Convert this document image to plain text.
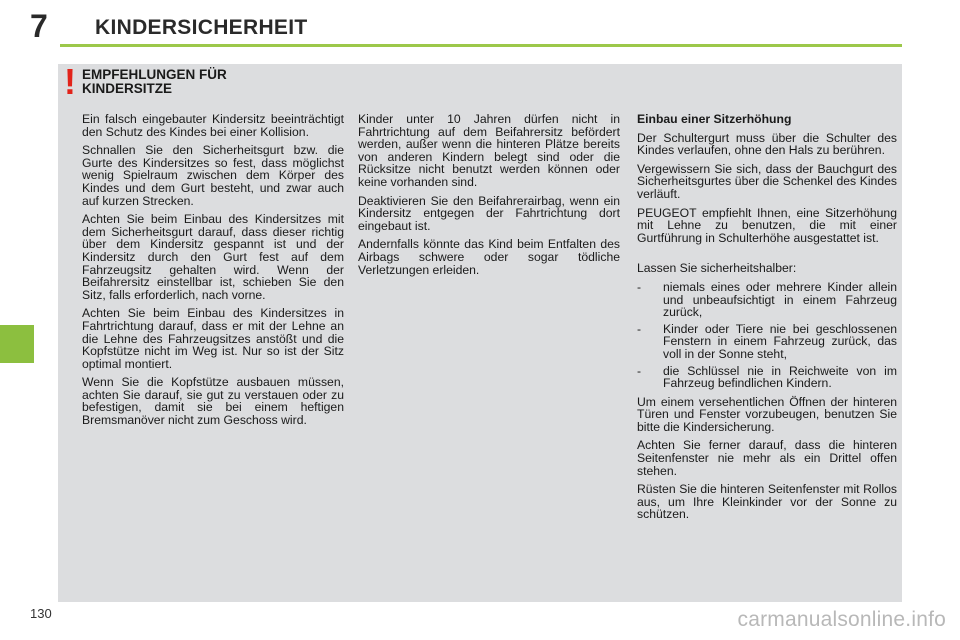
7 KINDERSICHERHEIT
! EMPFEHLUNGEN FÜR
KINDERSITZE

Ein falsch eingebauter Kindersitz beeinträchtigt den Schutz des Kindes bei einer Kollision.

Schnallen Sie den Sicherheitsgurt bzw. die Gurte des Kindersitzes so fest, dass möglichst wenig Spielraum zwischen dem Körper des Kindes und dem Gurt besteht, und zwar auch auf kurzen Strecken.

Achten Sie beim Einbau des Kindersitzes mit dem Sicherheitsgurt darauf, dass dieser richtig über dem Kindersitz gespannt ist und der Kindersitz durch den Gurt fest auf dem Fahrzeugsitz gehalten wird. Wenn der Beifahrersitz einstellbar ist, schieben Sie den Sitz, falls erforderlich, nach vorne.

Achten Sie beim Einbau des Kindersitzes in Fahrtrichtung darauf, dass er mit der Lehne an die Lehne des Fahrzeugsitzes anstößt und die Kopfstütze nicht im Weg ist. Nur so ist der Sitz optimal montiert.

Wenn Sie die Kopfstütze ausbauen müssen, achten Sie darauf, sie gut zu verstauen oder zu befestigen, damit sie bei einem heftigen Bremsmanöver nicht zum Geschoss wird.

Kinder unter 10 Jahren dürfen nicht in Fahrtrichtung auf dem Beifahrersitz befördert werden, außer wenn die hinteren Plätze bereits von anderen Kindern belegt sind oder die Rücksitze nicht benutzt werden können oder keine vorhanden sind.

Deaktivieren Sie den Beifahrerairbag, wenn ein Kindersitz entgegen der Fahrtrichtung dort eingebaut ist.

Andernfalls könnte das Kind beim Entfalten des Airbags schwere oder sogar tödliche Verletzungen erleiden.

Einbau einer Sitzerhöhung

Der Schultergurt muss über die Schulter des Kindes verlaufen, ohne den Hals zu berühren.

Vergewissern Sie sich, dass der Bauchgurt des Sicherheitsgurtes über die Schenkel des Kindes verläuft.

PEUGEOT empfiehlt Ihnen, eine Sitzerhöhung mit Lehne zu benutzen, die mit einer Gurtführung in Schulterhöhe ausgestattet ist.

Lassen Sie sicherheitshalber:

- niemals eines oder mehrere Kinder allein und unbeaufsichtigt in einem Fahrzeug zurück,
- Kinder oder Tiere nie bei geschlossenen Fenstern in einem Fahrzeug zurück, das voll in der Sonne steht,
- die Schlüssel nie in Reichweite von im Fahrzeug befindlichen Kindern.

Um einem versehentlichen Öffnen der hinteren Türen und Fenster vorzubeugen, benutzen Sie bitte die Kindersicherung.

Achten Sie ferner darauf, dass die hinteren Seitenfenster nie mehr als ein Drittel offen stehen.

Rüsten Sie die hinteren Seitenfenster mit Rollos aus, um Ihre Kleinkinder vor der Sonne zu schützen.

130	carmanualsonline.info
